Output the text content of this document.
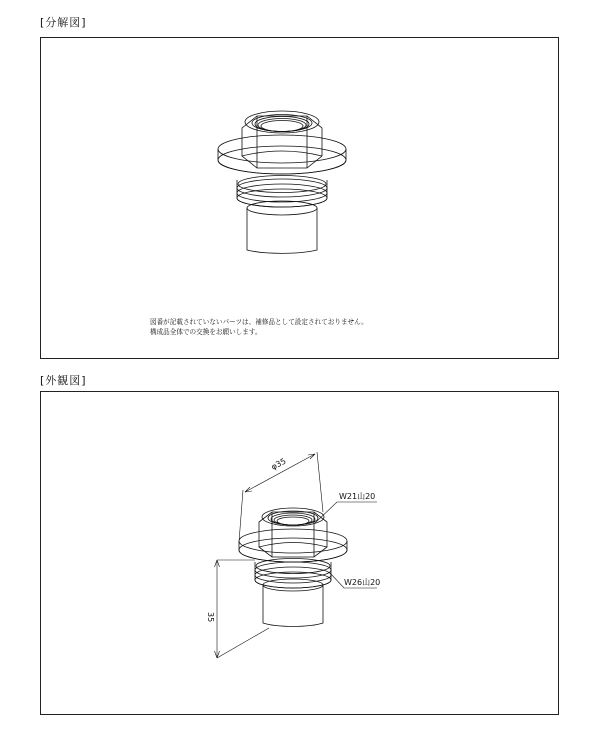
[分解図]
図番が記載されていないパーツは、補修品として設定されておりません。
構成品全体での交換をお願いします。
[外観図]
φ35
35
W21山20
W26山20
